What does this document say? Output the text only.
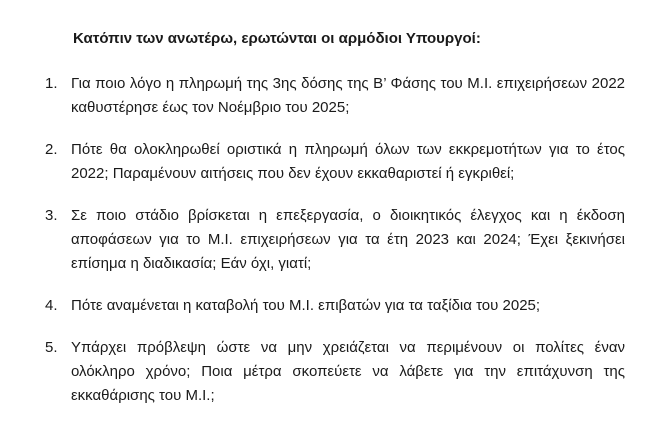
Κατόπιν των ανωτέρω, ερωτώνται οι αρμόδιοι Υπουργοί:

1. Για ποιο λόγο η πληρωμή της 3ης δόσης της Β’ Φάσης του Μ.Ι. επιχειρήσεων 2022 καθυστέρησε έως τον Νοέμβριο του 2025;
2. Πότε θα ολοκληρωθεί οριστικά η πληρωμή όλων των εκκρεμοτήτων για το έτος 2022; Παραμένουν αιτήσεις που δεν έχουν εκκαθαριστεί ή εγκριθεί;
3. Σε ποιο στάδιο βρίσκεται η επεξεργασία, ο διοικητικός έλεγχος και η έκδοση αποφάσεων για το Μ.Ι. επιχειρήσεων για τα έτη 2023 και 2024; Έχει ξεκινήσει επίσημα η διαδικασία; Εάν όχι, γιατί;
4. Πότε αναμένεται η καταβολή του Μ.Ι. επιβατών για τα ταξίδια του 2025;
5. Υπάρχει πρόβλεψη ώστε να μην χρειάζεται να περιμένουν οι πολίτες έναν ολόκληρο χρόνο; Ποια μέτρα σκοπεύετε να λάβετε για την επιτάχυνση της εκκαθάρισης του Μ.Ι.;
